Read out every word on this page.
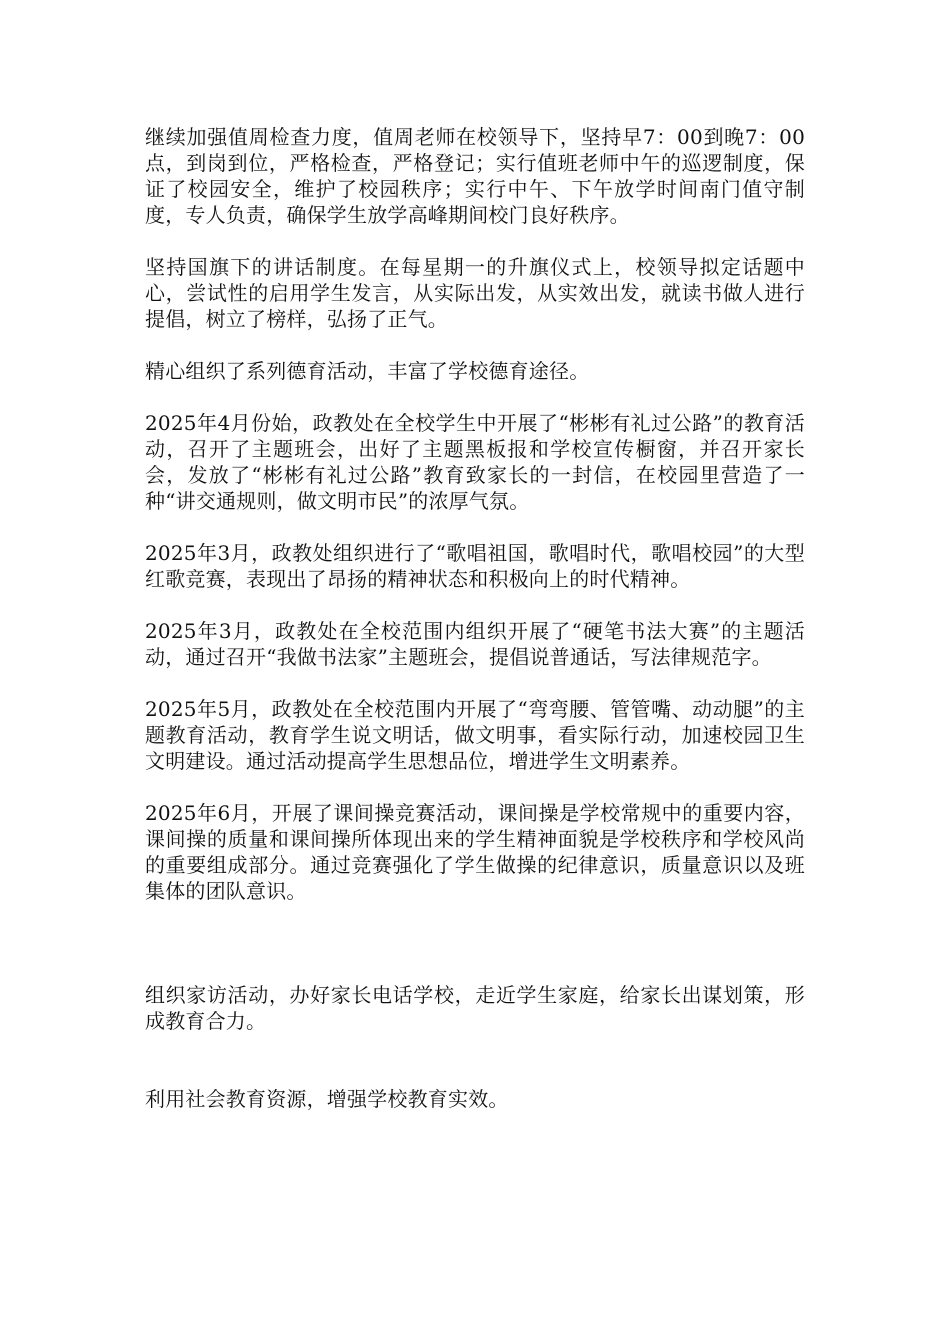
继续加强值周检查力度，值周老师在校领导下，坚持早7：00到晚7：00点，到岗到位，严格检查，严格登记；实行值班老师中午的巡逻制度，保证了校园安全，维护了校园秩序；实行中午、下午放学时间南门值守制度，专人负责，确保学生放学高峰期间校门良好秩序。

坚持国旗下的讲话制度。在每星期一的升旗仪式上，校领导拟定话题中心，尝试性的启用学生发言，从实际出发，从实效出发，就读书做人进行提倡，树立了榜样，弘扬了正气。

精心组织了系列德育活动，丰富了学校德育途径。

2025年4月份始，政教处在全校学生中开展了“彬彬有礼过公路”的教育活动，召开了主题班会，出好了主题黑板报和学校宣传橱窗，并召开家长会，发放了“彬彬有礼过公路”教育致家长的一封信，在校园里营造了一种“讲交通规则，做文明市民”的浓厚气氛。

2025年3月，政教处组织进行了“歌唱祖国，歌唱时代，歌唱校园”的大型红歌竞赛，表现出了昂扬的精神状态和积极向上的时代精神。

2025年3月，政教处在全校范围内组织开展了“硬笔书法大赛”的主题活动，通过召开“我做书法家”主题班会，提倡说普通话，写法律规范字。

2025年5月，政教处在全校范围内开展了“弯弯腰、管管嘴、动动腿”的主题教育活动，教育学生说文明话，做文明事，看实际行动，加速校园卫生文明建设。通过活动提高学生思想品位，增进学生文明素养。

2025年6月，开展了课间操竞赛活动，课间操是学校常规中的重要内容，课间操的质量和课间操所体现出来的学生精神面貌是学校秩序和学校风尚的重要组成部分。通过竞赛强化了学生做操的纪律意识，质量意识以及班集体的团队意识。

组织家访活动，办好家长电话学校，走近学生家庭，给家长出谋划策，形成教育合力。

利用社会教育资源，增强学校教育实效。
